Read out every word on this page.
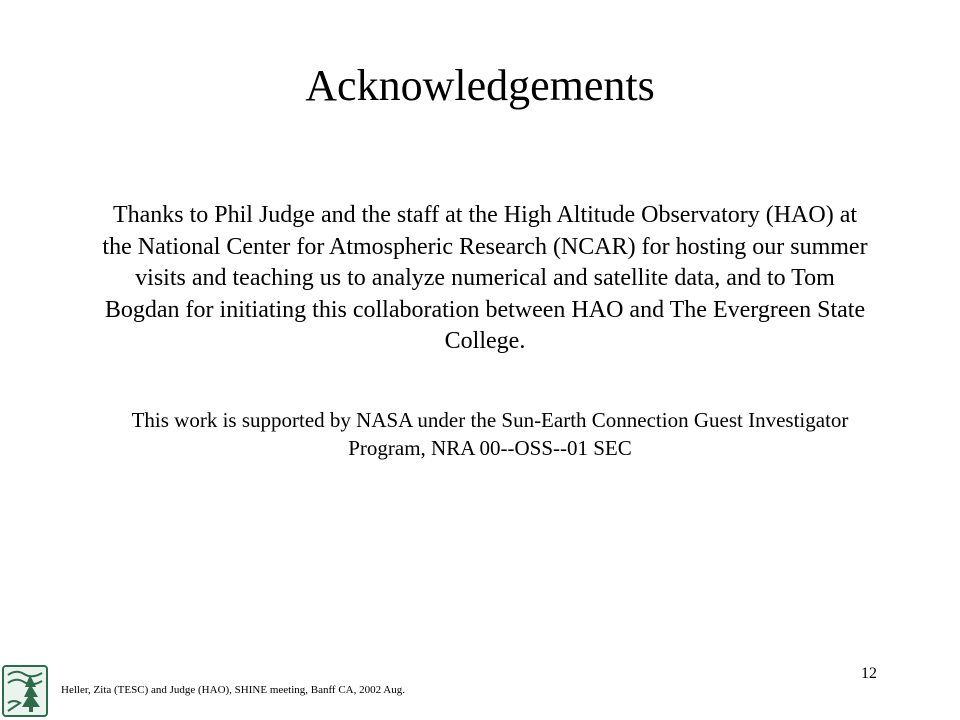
Acknowledgements

Thanks to Phil Judge and the staff at the High Altitude Observatory (HAO) at the National Center for Atmospheric Research (NCAR) for hosting our summer visits and teaching us to analyze numerical and satellite data, and to Tom Bogdan for initiating this collaboration between HAO and The Evergreen State College.

This work is supported by NASA under the Sun-Earth Connection Guest Investigator Program, NRA 00--OSS--01 SEC

Heller, Zita (TESC) and Judge (HAO), SHINE meeting, Banff CA, 2002 Aug.
12
